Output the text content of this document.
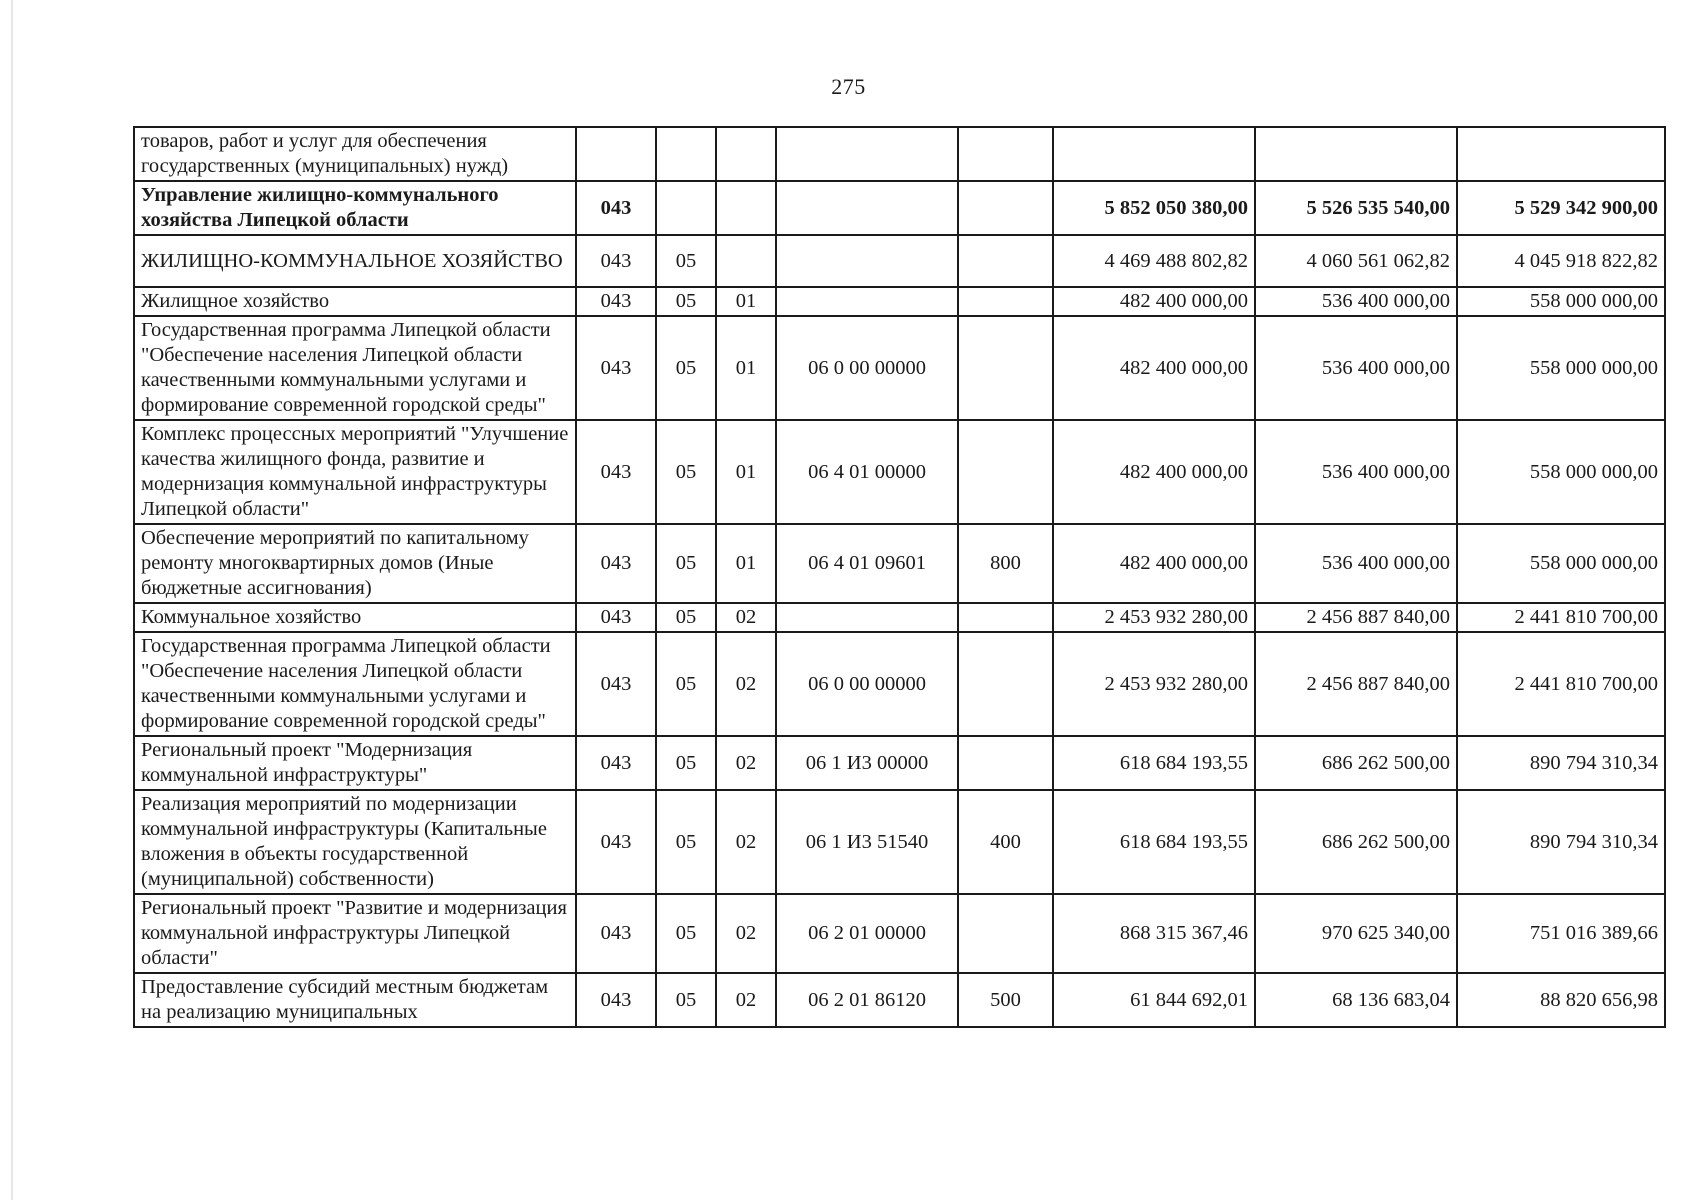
275
товаров, работ и услуг для обеспечения государственных (муниципальных) нужд)								

Управление жилищно-коммунального хозяйства Липецкой области	043					5 852 050 380,00	5 526 535 540,00	5 529 342 900,00
ЖИЛИЩНО-КОММУНАЛЬНОЕ ХОЗЯЙСТВО	043	05				4 469 488 802,82	4 060 561 062,82	4 045 918 822,82
Жилищное хозяйство	043	05	01			482 400 000,00	536 400 000,00	558 000 000,00
Государственная программа Липецкой области "Обеспечение населения Липецкой области качественными коммунальными услугами и формирование современной городской среды"	043	05	01	06 0 00 00000		482 400 000,00	536 400 000,00	558 000 000,00
Комплекс процессных мероприятий "Улучшение качества жилищного фонда, развитие и модернизация коммунальной инфраструктуры Липецкой области"	043	05	01	06 4 01 00000		482 400 000,00	536 400 000,00	558 000 000,00
Обеспечение мероприятий по капитальному ремонту многоквартирных домов (Иные бюджетные ассигнования)	043	05	01	06 4 01 09601	800	482 400 000,00	536 400 000,00	558 000 000,00
Коммунальное хозяйство	043	05	02			2 453 932 280,00	2 456 887 840,00	2 441 810 700,00
Государственная программа Липецкой области "Обеспечение населения Липецкой области качественными коммунальными услугами и формирование современной городской среды"	043	05	02	06 0 00 00000		2 453 932 280,00	2 456 887 840,00	2 441 810 700,00
Региональный проект "Модернизация коммунальной инфраструктуры"	043	05	02	06 1 И3 00000		618 684 193,55	686 262 500,00	890 794 310,34
Реализация мероприятий по модернизации коммунальной инфраструктуры (Капитальные вложения в объекты государственной (муниципальной) собственности)	043	05	02	06 1 И3 51540	400	618 684 193,55	686 262 500,00	890 794 310,34
Региональный проект "Развитие и модернизация коммунальной инфраструктуры Липецкой области"	043	05	02	06 2 01 00000		868 315 367,46	970 625 340,00	751 016 389,66

Предоставление субсидий местным бюджетам на реализацию муниципальных	043	05	02	06 2 01 86120	500	61 844 692,01	68 136 683,04	88 820 656,98
